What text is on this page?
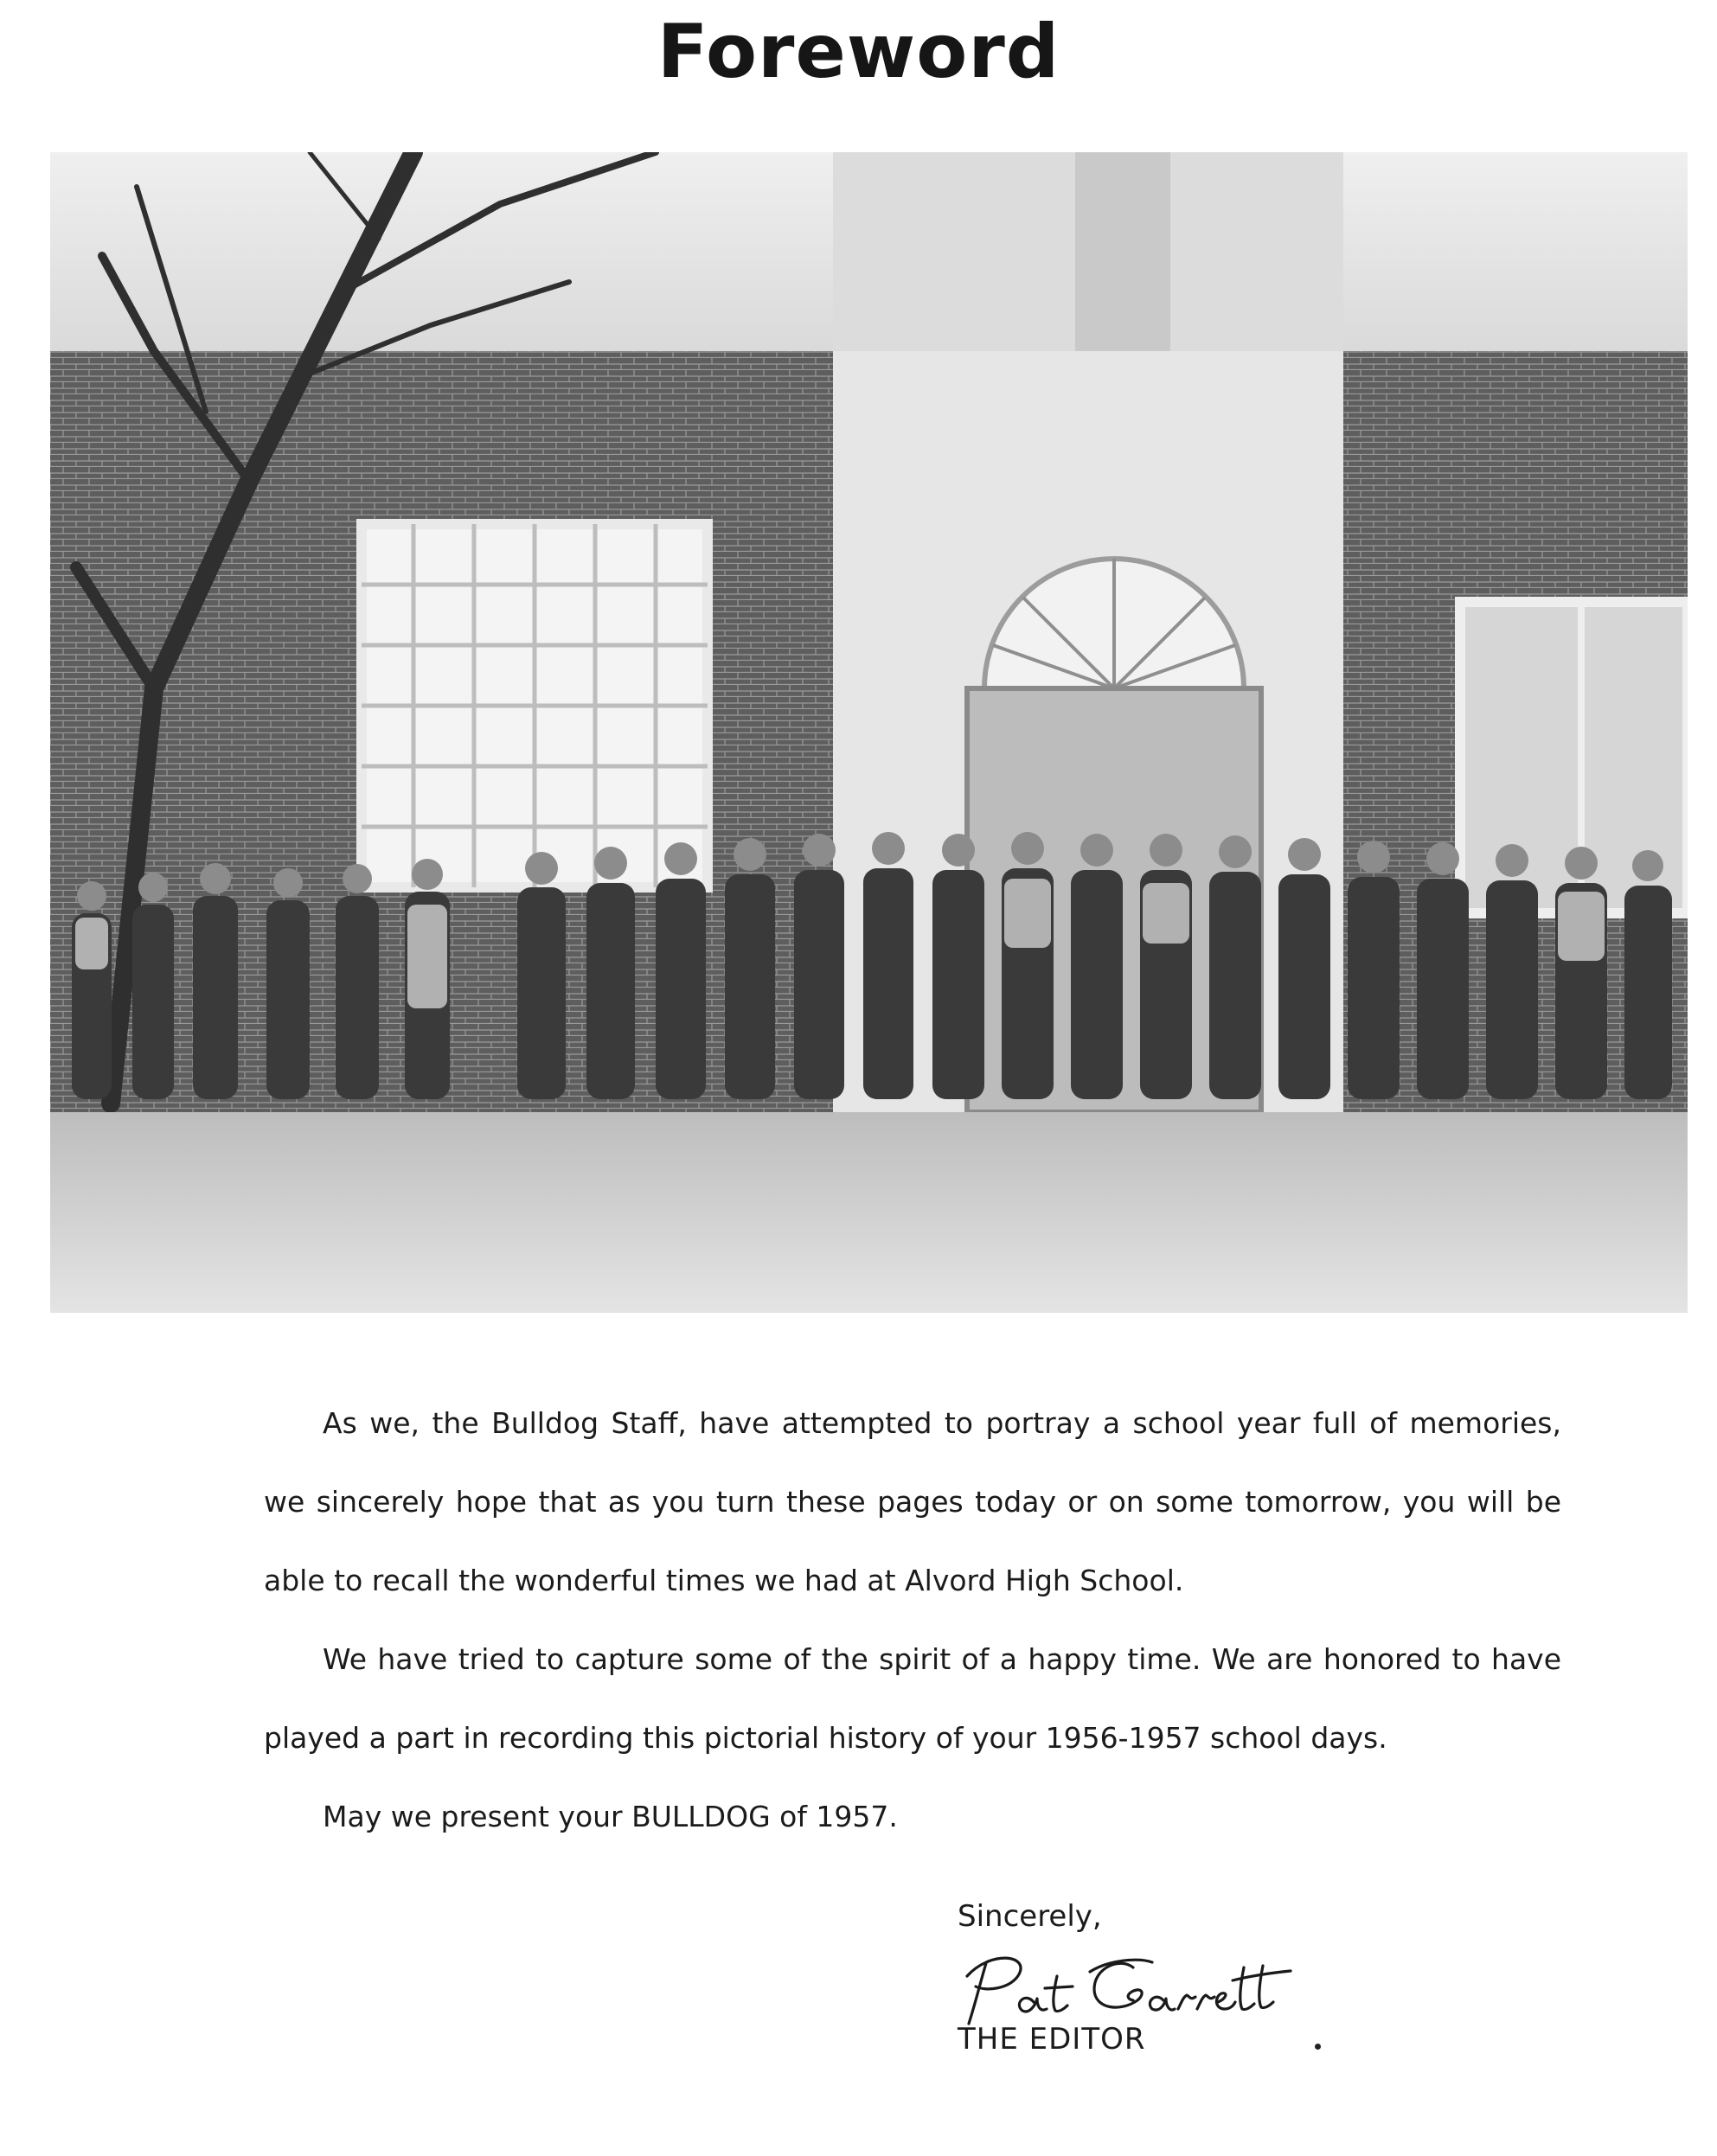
Foreword

As we, the Bulldog Staff, have attempted to portray a school year full of memories, we sincerely hope that as you turn these pages today or on some tomorrow, you will be able to recall the wonderful times we had at Alvord High School.

We have tried to capture some of the spirit of a happy time. We are honored to have played a part in recording this pictorial history of your 1956-1957 school days.

May we present your BULLDOG of 1957.

Sincerely,
THE EDITOR
